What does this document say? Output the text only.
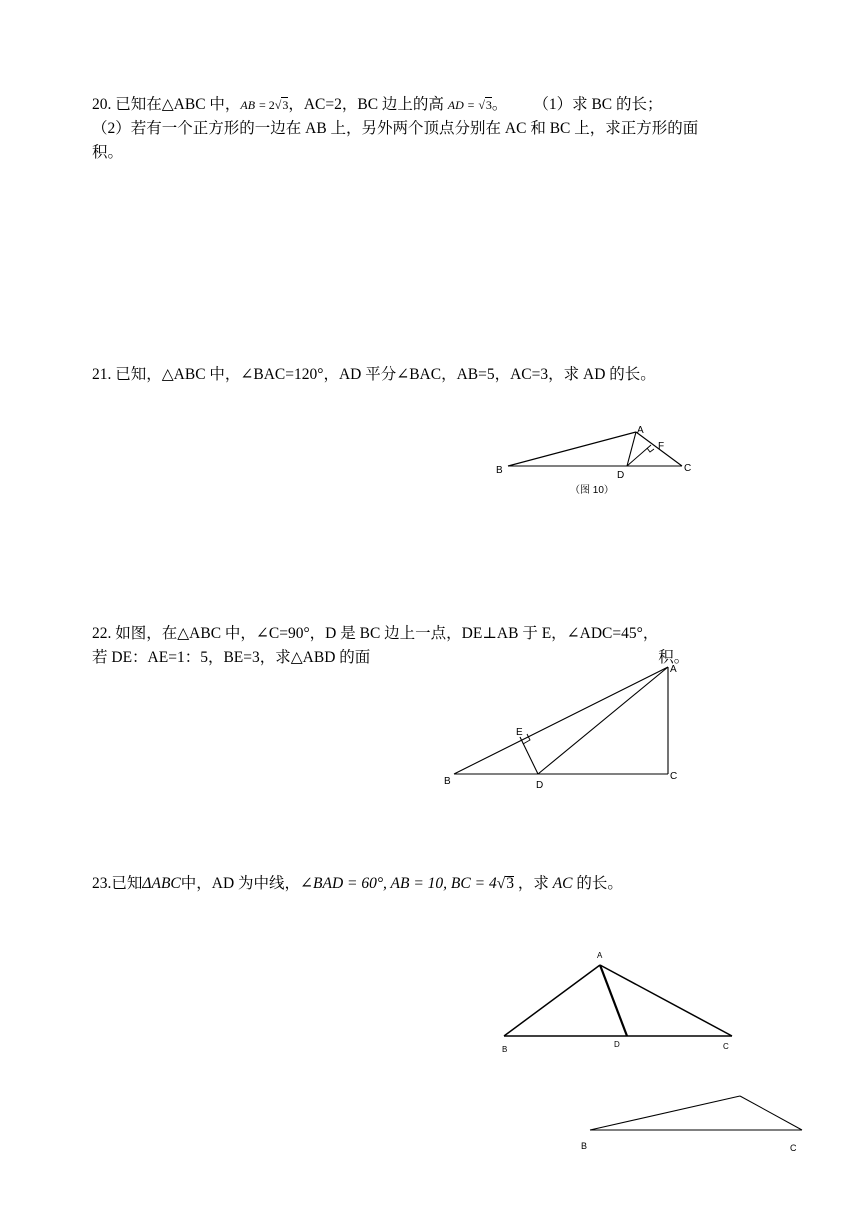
20. 已知在△ABC 中，AB = 2√3，AC=2，BC 边上的高 AD = √3。 （1）求 BC 的长；

（2）若有一个正方形的一边在 AB 上，另外两个顶点分别在 AC 和 BC 上，求正方形的面

积。

21. 已知，△ABC 中，∠BAC=120°，AD 平分∠BAC，AB=5，AC=3，求 AD 的长。

B
A
F
C
D
（图 10）

22. 如图，在△ABC 中，∠C=90°，D 是 BC 边上一点，DE⊥AB 于 E，∠ADC=45°，

若 DE：AE=1：5，BE=3，求△ABD 的面	积。

A
B	C
D
E

23.已知ΔABC中，AD 为中线，∠BAD = 60°, AB = 10, BC = 4√3 ，求 AC 的长。

A
B
D	C
B	C
